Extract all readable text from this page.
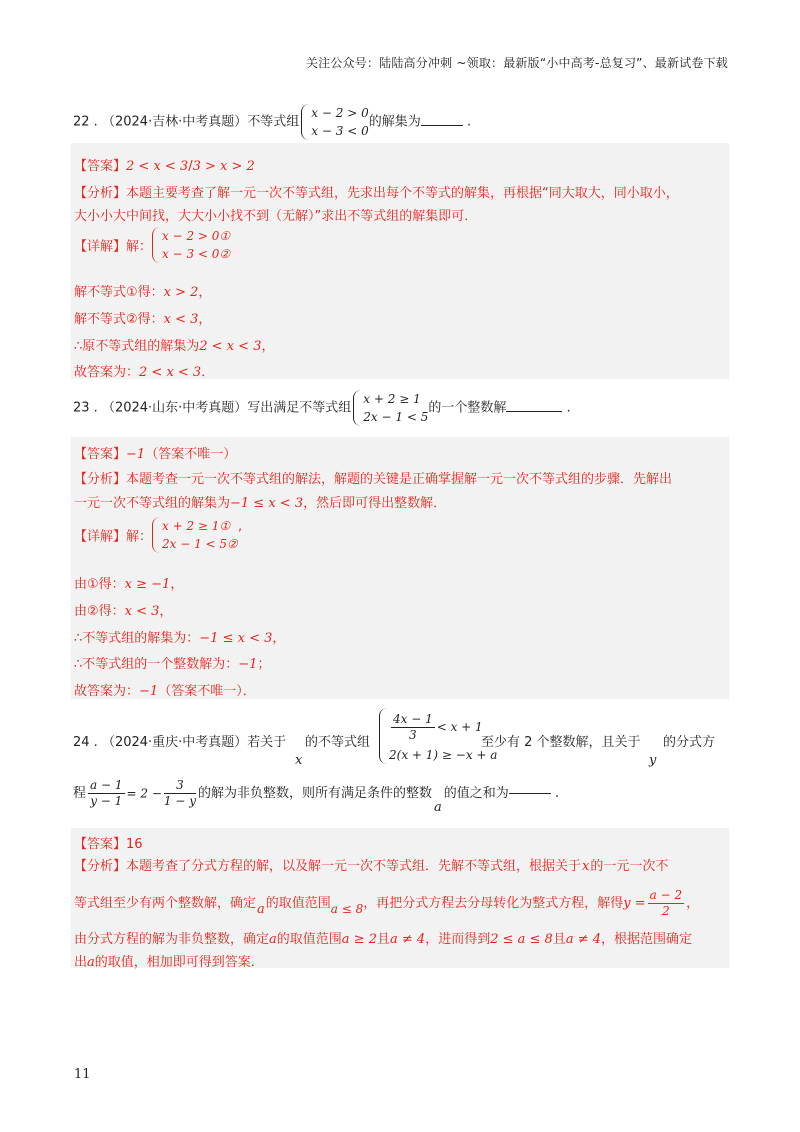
关注公众号：陆陆高分冲刺 ~领取：最新版“小中高考-总复习”、最新试卷下载
22 . （2024·吉林·中考真题）不等式组
x − 2 > 0
x − 3 < 0
的解集为	.
【答案】2 < x < 3/3 > x > 2
【分析】本题主要考查了解一元一次不等式组，先求出每个不等式的解集，再根据“同大取大，同小取小，
大小小大中间找，大大小小找不到（无解）”求出不等式组的解集即可．
【详解】解：
x − 2 > 0①
x − 3 < 0②
解不等式①得：x > 2，
解不等式②得：x < 3，
∴原不等式组的解集为2 < x < 3，
故答案为：2 < x < 3．
23 . （2024·山东·中考真题）写出满足不等式组
x + 2 ≥ 1
2x − 1 < 5
的一个整数解	.
【答案】−1（答案不唯一）
【分析】本题考查一元一次不等式组的解法，解题的关键是正确掌握解一元一次不等式组的步骤．先解出
一元一次不等式组的解集为−1 ≤ x < 3，然后即可得出整数解．
【详解】解：
x + 2 ≥ 1①
2x − 1 < 5②
’
由①得：x ≥ −1，
由②得：x < 3，
∴不等式组的解集为：−1 ≤ x < 3，
∴不等式组的一个整数解为：−1；
故答案为：−1（答案不唯一）．
24 . （2024·重庆·中考真题）若关于
x
的不等式组 $\frac{4x - 1}{3} < x + 1$
2(x + 1) ≥ −x + a
至少有 2 个整数解，且关于
y
的分式方
程 $\frac{a - 1}{y - 1} = 2 - \frac{3}{1 - y}$ 的解为非负整数，则所有满足条件的整数a的值之和为	.
【答案】16
【分析】本题考查了分式方程的解，以及解一元一次不等式组．先解不等式组，根据关于x的一元一次不
等式组至少有两个整数解，确定a的取值范围a ≤ 8，再把分式方程去分母转化为整式方程，解得$y = \frac{a - 2}{2}$ ，
由分式方程的解为非负整数，确定a的取值范围a ≥ 2且a ≠ 4，进而得到2 ≤ a ≤ 8且a ≠ 4，根据范围确定
出a的取值，相加即可得到答案．
11
